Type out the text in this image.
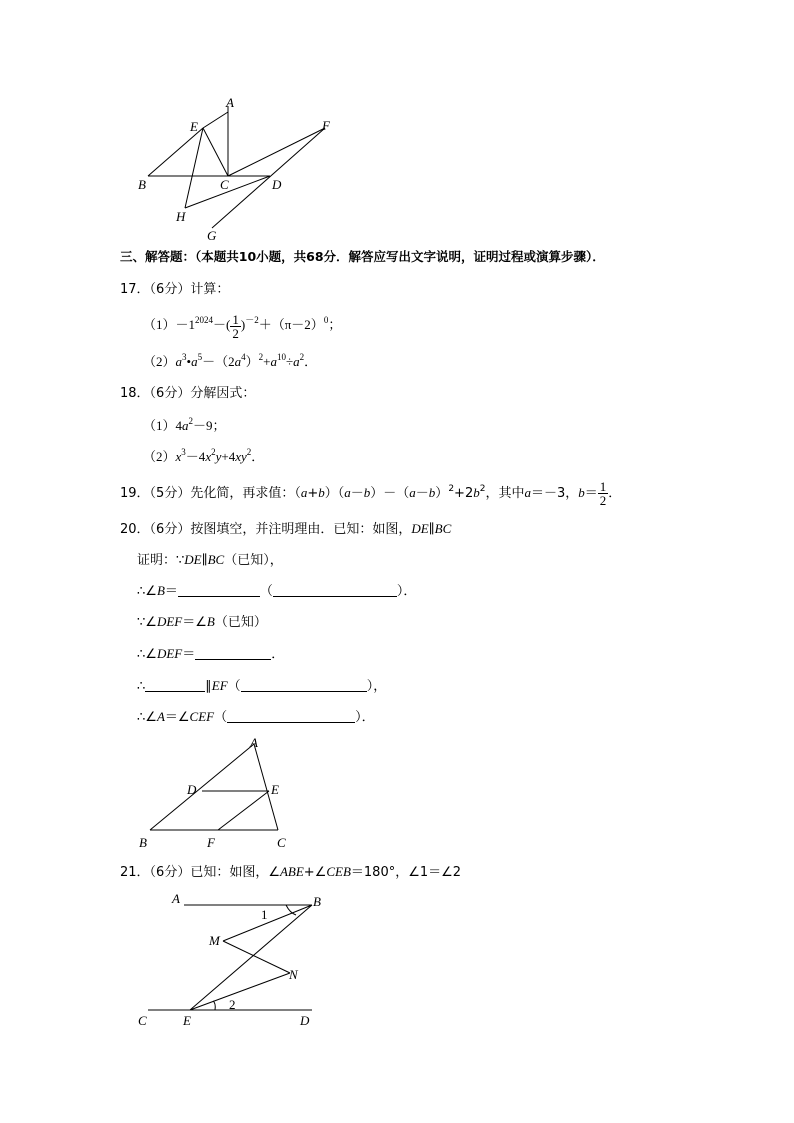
A
E	F
B	C	D
H
G
三、解答题：（本题共10小题，共68分．解答应写出文字说明，证明过程或演算步骤）．
17．（6分）计算：
$(1)-1^{2024}-( \frac{1}{2} )^{-2}+(\pi-2)^0$；
$(2)a^3•a^5-(2a^4)^2+a^{10}\div a^2$．
18．（6分）分解因式：
$(1)4a^2-9$；
$(2)x^3-4x^2y+4xy^2$．
19．（5分）先化简，再求值：$(a+b)(a-b)-(a-b)^2+2b^2$，其中a＝－3，$b= \frac{1}{2}$ ．
20．（6分）按图填空，并注明理由．已知：如图，DE∥BC
证明：∵DE∥BC（已知），
∴∠B＝	（	）．
∵∠DEF＝∠B（已知）
∴∠DEF＝	．
∴	∥EF（	），
∴∠A＝∠CEF（	）．
A
D	E
B	F	C
21．（6分）已知：如图，∠ABE+∠CEB＝180°，∠1＝∠2
A	B
1
M
N
C	E
2
D
